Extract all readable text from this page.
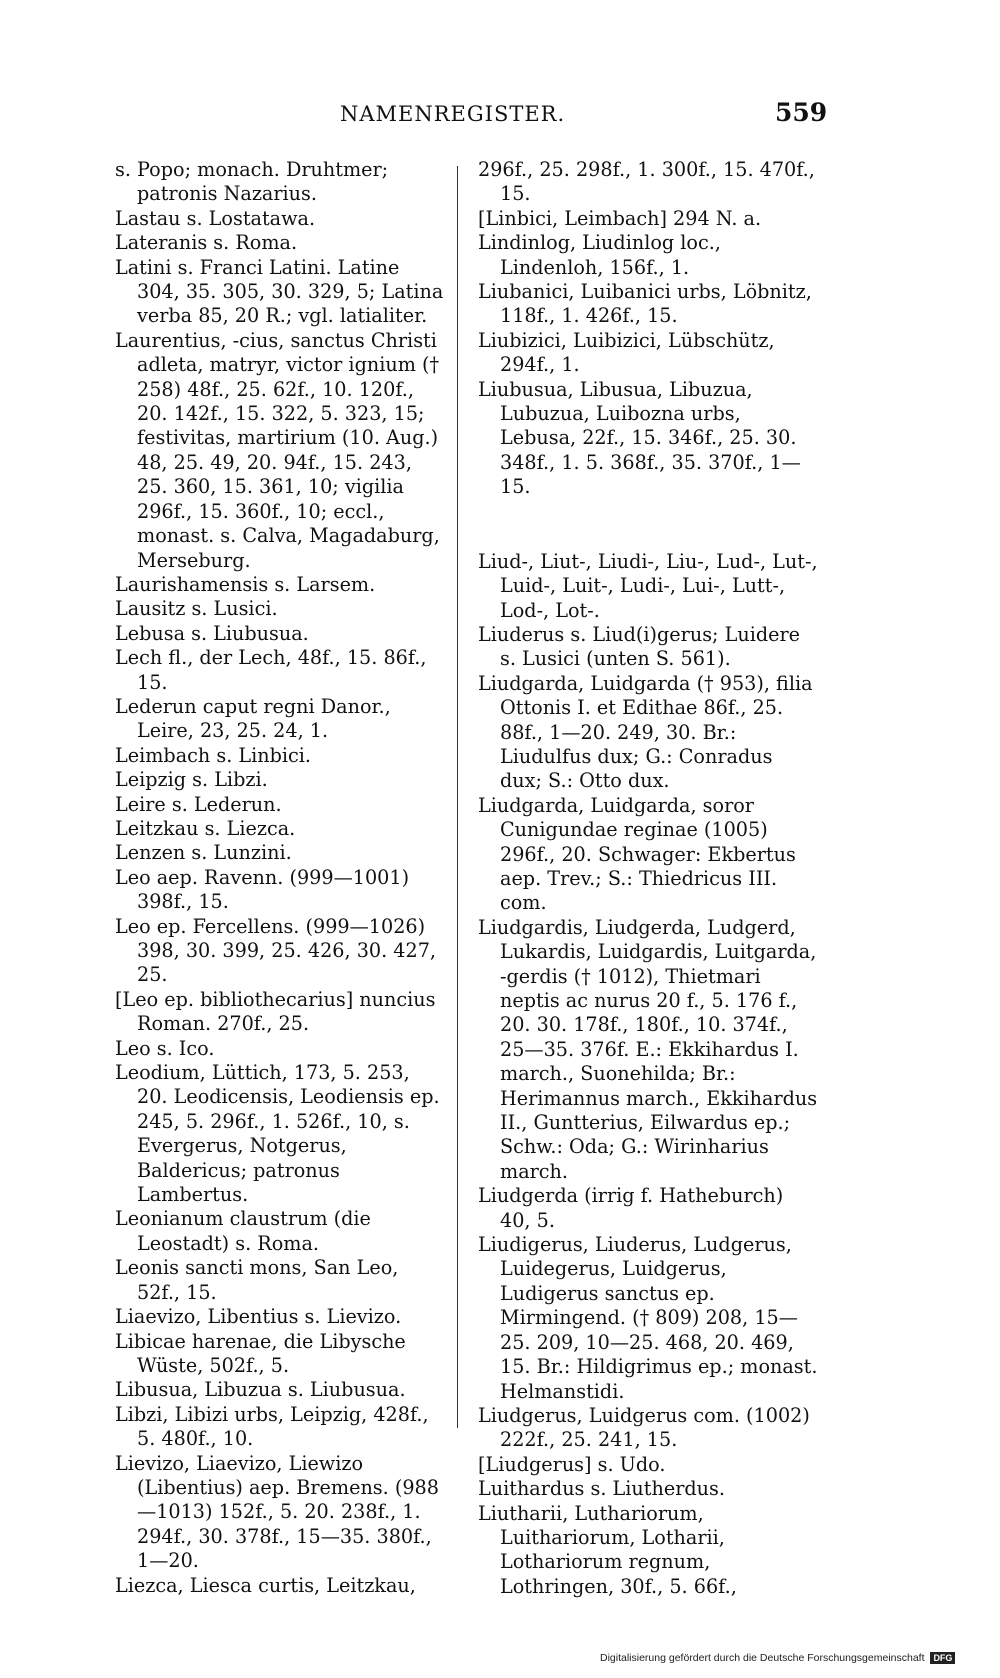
NAMENREGISTER.	559
s. Popo; monach. Druhtmer; patronis Nazarius.
Lastau s. Lostatawa.
Lateranis s. Roma.
Latini s. Franci Latini. Latine 304, 35. 305, 30. 329, 5; Latina verba 85, 20 R.; vgl. latialiter.
Laurentius, -cius, sanctus Christi adleta, matryr, victor ignium († 258) 48f., 25. 62f., 10. 120f., 20. 142f., 15. 322, 5. 323, 15; festivitas, martirium (10. Aug.) 48, 25. 49, 20. 94f., 15. 243, 25. 360, 15. 361, 10; vigilia 296f., 15. 360f., 10; eccl., monast. s. Calva, Magadaburg, Merseburg.
Laurishamensis s. Larsem.
Lausitz s. Lusici.
Lebusa s. Liubusua.
Lech fl., der Lech, 48f., 15. 86f., 15.
Lederun caput regni Danor., Leire, 23, 25. 24, 1.
Leimbach s. Linbici.
Leipzig s. Libzi.
Leire s. Lederun.
Leitzkau s. Liezca.
Lenzen s. Lunzini.
Leo aep. Ravenn. (999—1001) 398f., 15.
Leo ep. Fercellens. (999—1026) 398, 30. 399, 25. 426, 30. 427, 25.
[Leo ep. bibliothecarius] nuncius Roman. 270f., 25.
Leo s. Ico.
Leodium, Lüttich, 173, 5. 253, 20. Leodicensis, Leodiensis ep. 245, 5. 296f., 1. 526f., 10, s. Evergerus, Notgerus, Baldericus; patronus Lambertus.
Leonianum claustrum (die Leostadt) s. Roma.
Leonis sancti mons, San Leo, 52f., 15.
Liaevizo, Libentius s. Lievizo.
Libicae harenae, die Libysche Wüste, 502f., 5.
Libusua, Libuzua s. Liubusua.
Libzi, Libizi urbs, Leipzig, 428f., 5. 480f., 10.
Lievizo, Liaevizo, Liewizo (Libentius) aep. Bremens. (988—1013) 152f., 5. 20. 238f., 1. 294f., 30. 378f., 15—35. 380f., 1—20.
Liezca, Liesca curtis, Leitzkau,
296f., 25. 298f., 1. 300f., 15. 470f., 15.
[Linbici, Leimbach] 294 N. a.
Lindinlog, Liudinlog loc., Lindenloh, 156f., 1.
Liubanici, Luibanici urbs, Löbnitz, 118f., 1. 426f., 15.
Liubizici, Luibizici, Lübschütz, 294f., 1.
Liubusua, Libusua, Libuzua, Lubuzua, Luibozna urbs, Lebusa, 22f., 15. 346f., 25. 30. 348f., 1. 5. 368f., 35. 370f., 1—15.
Liud-, Liut-, Liudi-, Liu-, Lud-, Lut-, Luid-, Luit-, Ludi-, Lui-, Lutt-, Lod-, Lot-.
Liuderus s. Liud(i)gerus; Luidere s. Lusici (unten S. 561).
Liudgarda, Luidgarda († 953), filia Ottonis I. et Edithae 86f., 25. 88f., 1—20. 249, 30. Br.: Liudulfus dux; G.: Conradus dux; S.: Otto dux.
Liudgarda, Luidgarda, soror Cunigundae reginae (1005) 296f., 20. Schwager: Ekbertus aep. Trev.; S.: Thiedricus III. com.
Liudgardis, Liudgerda, Ludgerd, Lukardis, Luidgardis, Luitgarda, -gerdis († 1012), Thietmari neptis ac nurus 20 f., 5. 176 f., 20. 30. 178f., 180f., 10. 374f., 25—35. 376f. E.: Ekkihardus I. march., Suonehilda; Br.: Herimannus march., Ekkihardus II., Guntterius, Eilwardus ep.; Schw.: Oda; G.: Wirinharius march.
Liudgerda (irrig f. Hatheburch) 40, 5.
Liudigerus, Liuderus, Ludgerus, Luidegerus, Luidgerus, Ludigerus sanctus ep. Mirmingend. († 809) 208, 15—25. 209, 10—25. 468, 20. 469, 15. Br.: Hildigrimus ep.; monast. Helmanstidi.
Liudgerus, Luidgerus com. (1002) 222f., 25. 241, 15.
[Liudgerus] s. Udo.
Luithardus s. Liutherdus.
Liutharii, Luthariorum, Luithariorum, Lotharii, Lothariorum regnum, Lothringen, 30f., 5. 66f.,
Digitalisierung gefördert durch die Deutsche Forschungsgemeinschaft DFG
